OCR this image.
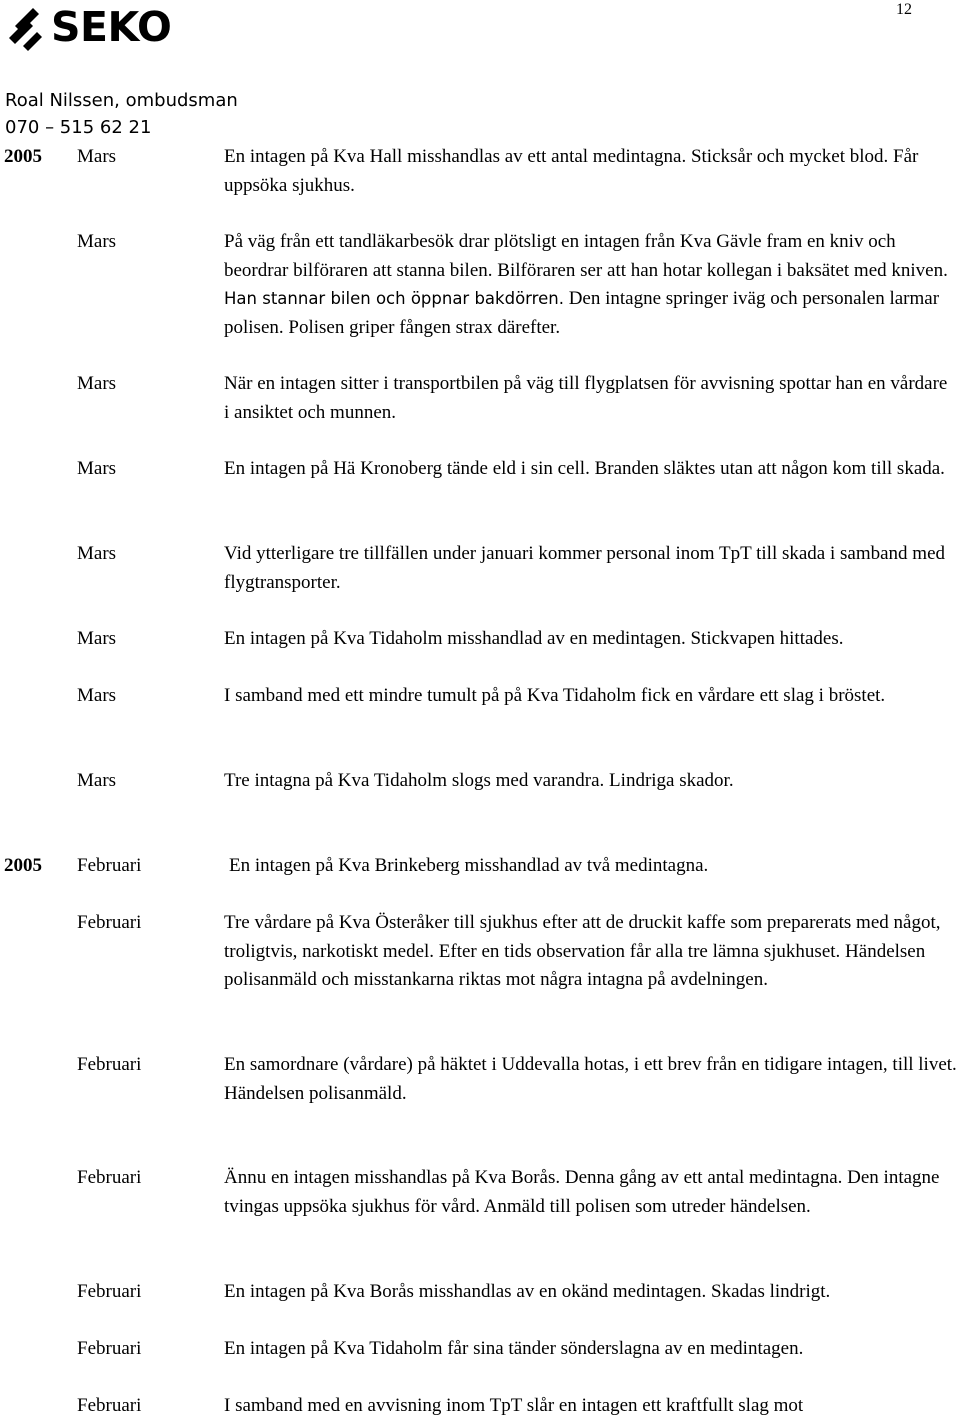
SEKO	12
Roal Nilssen, ombudsman
070 – 515 62 21
2005 Mars	En intagen på Kva Hall misshandlas av ett antal medintagna. Sticksår och mycket blod. Får uppsöka sjukhus.

Mars	På väg från ett tandläkarbesök drar plötsligt en intagen från Kva Gävle fram en kniv och beordrar bilföraren att stanna bilen. Bilföraren ser att han hotar kollegan i baksätet med kniven. Han stannar bilen och öppnar bakdörren. Den intagne springer iväg och personalen larmar polisen. Polisen griper fången strax därefter.

Mars	När en intagen sitter i transportbilen på väg till flygplatsen för avvisning spottar han en vårdare i ansiktet och munnen.

Mars	En intagen på Hä Kronoberg tände eld i sin cell. Branden släktes utan att någon kom till skada.

Mars	Vid ytterligare tre tillfällen under januari kommer personal inom TpT till skada i samband med flygtransporter.

Mars	En intagen på Kva Tidaholm misshandlad av en medintagen. Stickvapen hittades.

Mars	I samband med ett mindre tumult på på Kva Tidaholm fick en vårdare ett slag i bröstet.

Mars	Tre intagna på Kva Tidaholm slogs med varandra. Lindriga skador.

2005 Februari	En intagen på Kva Brinkeberg misshandlad av två medintagna.

Februari	Tre vårdare på Kva Österåker till sjukhus efter att de druckit kaffe som preparerats med något, troligtvis, narkotiskt medel. Efter en tids observation får alla tre lämna sjukhuset. Händelsen polisanmäld och misstankarna riktas mot några intagna på avdelningen.

Februari	En samordnare (vårdare) på häktet i Uddevalla hotas, i ett brev från en tidigare intagen, till livet. Händelsen polisanmäld.

Februari	Ännu en intagen misshandlas på Kva Borås. Denna gång av ett antal medintagna. Den intagne tvingas uppsöka sjukhus för vård. Anmäld till polisen som utreder händelsen.

Februari	En intagen på Kva Borås misshandlas av en okänd medintagen. Skadas lindrigt.

Februari	En intagen på Kva Tidaholm får sina tänder sönderslagna av en medintagen.

Februari	I samband med en avvisning inom TpT slår en intagen ett kraftfullt slag mot
